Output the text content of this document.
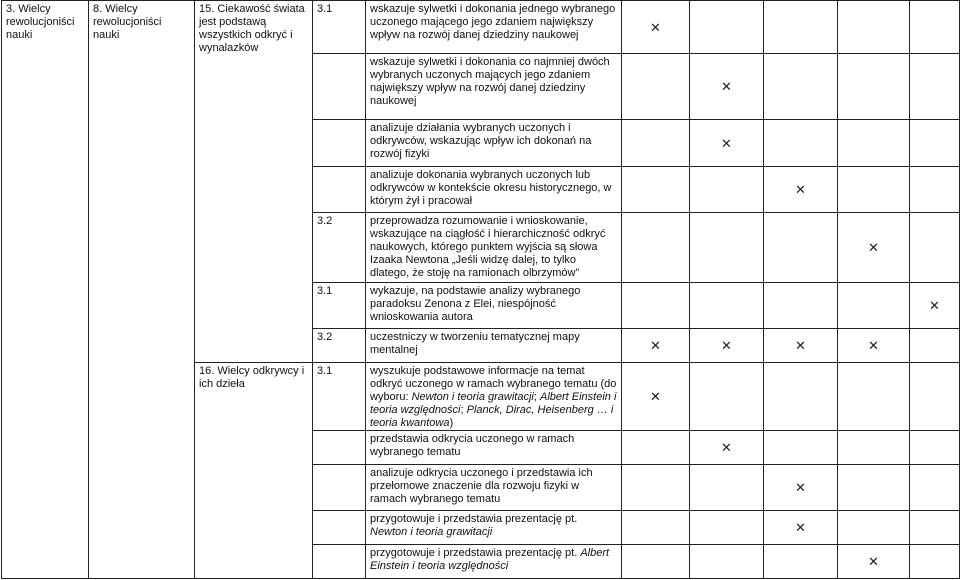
3. Wielcy rewolucjoniści nauki	8. Wielcy rewolucjoniści nauki	15. Ciekawość świata jest podstawą wszystkich odkryć i wynalazków	3.1	wskazuje sylwetki i dokonania jednego wybranego uczonego mającego jego zdaniem największy wpływ na rozwój danej dziedziny naukowej	✕				
				wskazuje sylwetki i dokonania co najmniej dwóch wybranych uczonych mających jego zdaniem największy wpływ na rozwój danej dziedziny naukowej		✕			
				analizuje działania wybranych uczonych i odkrywców, wskazując wpływ ich dokonań na rozwój fizyki		✕			
				analizuje dokonania wybranych uczonych lub odkrywców w kontekście okresu historycznego, w którym żył i pracował			✕		
			3.2	przeprowadza rozumowanie i wnioskowanie, wskazujące na ciągłość i hierarchiczność odkryć naukowych, którego punktem wyjścia są słowa Izaaka Newtona „Jeśli widzę dalej, to tylko dlatego, że stoję na ramionach olbrzymów”				✕	
			3.1	wykazuje, na podstawie analizy wybranego paradoksu Zenona z Elei, niespójność wnioskowania autora					✕
			3.2	uczestniczy w tworzeniu tematycznej mapy mentalnej	✕	✕	✕	✕	
		16. Wielcy odkrywcy i ich dzieła	3.1	wyszukuje podstawowe informacje na temat odkryć uczonego w ramach wybranego tematu (do wyboru: Newton i teoria grawitacji; Albert Einstein i teoria względności; Planck, Dirac, Heisenberg … i teoria kwantowa)	✕				
				przedstawia odkrycia uczonego w ramach wybranego tematu		✕			
				analizuje odkrycia uczonego i przedstawia ich przełomowe znaczenie dla rozwoju fizyki w ramach wybranego tematu			✕		
				przygotowuje i przedstawia prezentację pt. Newton i teoria grawitacji			✕		
				przygotowuje i przedstawia prezentację pt. Albert Einstein i teoria względności				✕	
